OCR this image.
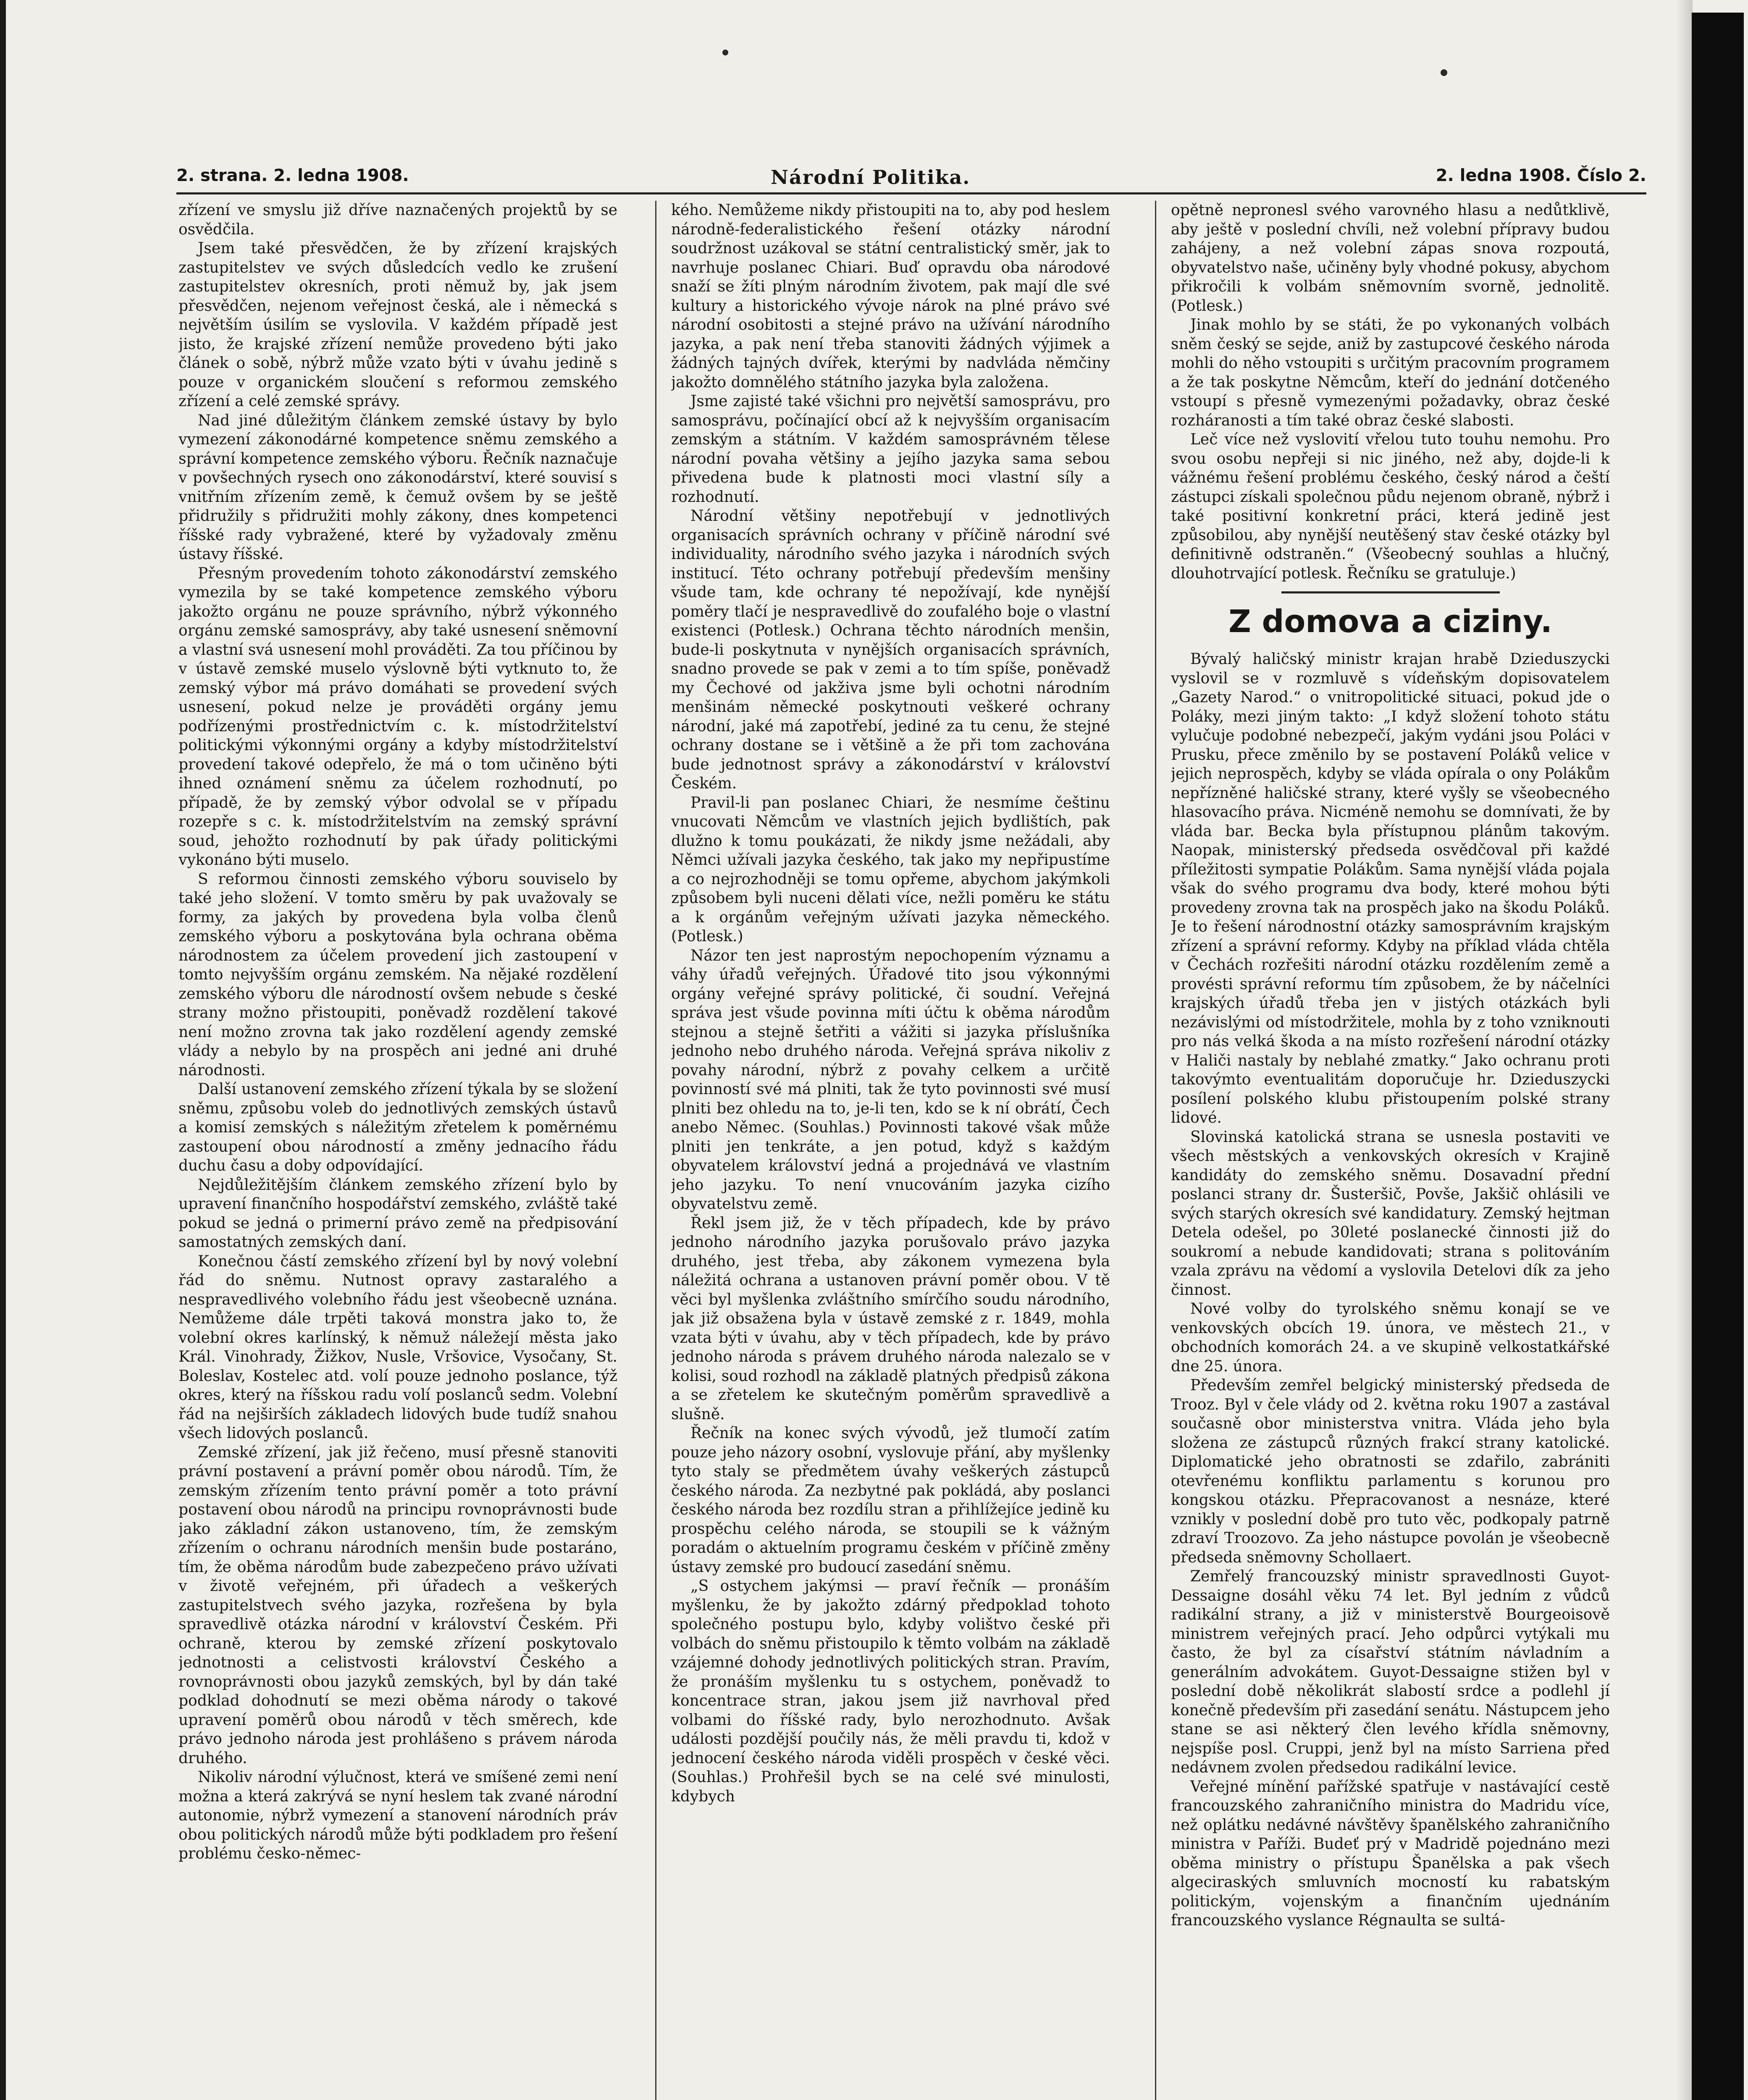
2. strana. 2. ledna 1908.	Národní Politika.	2. ledna 1908. Číslo 2.

zřízení ve smyslu již dříve naznačených projektů by se osvědčila.

Jsem také přesvědčen, že by zřízení krajských zastupitelstev ve svých důsledcích vedlo ke zrušení zastupitelstev okresních, proti němuž by, jak jsem přesvědčen, nejenom veřejnost česká, ale i německá s největším úsilím se vyslovila. V každém případě jest jisto, že krajské zřízení nemůže provedeno býti jako článek o sobě, nýbrž může vzato býti v úvahu jedině s pouze v organickém sloučení s reformou zemského zřízení a celé zemské správy.

Nad jiné důležitým článkem zemské ústavy by bylo vymezení zákonodárné kompetence sněmu zemského a správní kompetence zemského výboru. Řečník naznačuje v povšechných rysech ono zákonodárství, které souvisí s vnitřním zřízením země, k čemuž ovšem by se ještě přidružily s přidružiti mohly zákony, dnes kompetenci říšské rady vybražené, které by vyžadovaly změnu ústavy říšské.

Přesným provedením tohoto zákonodárství zemského vymezila by se také kompetence zemského výboru jakožto orgánu ne pouze správního, nýbrž výkonného orgánu zemské samosprávy, aby také usnesení sněmovní a vlastní svá usnesení mohl prováděti. Za tou příčinou by v ústavě zemské muselo výslovně býti vytknuto to, že zemský výbor má právo domáhati se provedení svých usnesení, pokud nelze je prováděti orgány jemu podřízenými prostřednictvím c. k. místodržitelství politickými výkonnými orgány a kdyby místodržitelství provedení takové odepřelo, že má o tom učiněno býti ihned oznámení sněmu za účelem rozhodnutí, po případě, že by zemský výbor odvolal se v případu rozepře s c. k. místodržitelstvím na zemský správní soud, jehožto rozhodnutí by pak úřady politickými vykonáno býti muselo.

S reformou činnosti zemského výboru souviselo by také jeho složení. V tomto směru by pak uvažovaly se formy, za jakých by provedena byla volba členů zemského výboru a poskytována byla ochrana oběma národnostem za účelem provedení jich zastoupení v tomto nejvyšším orgánu zemském. Na nějaké rozdělení zemského výboru dle národností ovšem nebude s české strany možno přistoupiti, poněvadž rozdělení takové není možno zrovna tak jako rozdělení agendy zemské vlády a nebylo by na prospěch ani jedné ani druhé národnosti.

Další ustanovení zemského zřízení týkala by se složení sněmu, způsobu voleb do jednotlivých zemských ústavů a komisí zemských s náležitým zřetelem k poměrnému zastoupení obou národností a změny jednacího řádu duchu času a doby odpovídající.

Nejdůležitějším článkem zemského zřízení bylo by upravení finančního hospodářství zemského, zvláště také pokud se jedná o primerní právo země na předpisování samostatných zemských daní.

Konečnou částí zemského zřízení byl by nový volební řád do sněmu. Nutnost opravy zastaralého a nespravedlivého volebního řádu jest všeobecně uznána. Nemůžeme dále trpěti taková monstra jako to, že volební okres karlínský, k němuž náležejí města jako Král. Vinohrady, Žižkov, Nusle, Vršovice, Vysočany, St. Boleslav, Kostelec atd. volí pouze jednoho poslance, týž okres, který na říšskou radu volí poslanců sedm. Volební řád na nejširších základech lidových bude tudíž snahou všech lidových poslanců.

Zemské zřízení, jak již řečeno, musí přesně stanoviti právní postavení a právní poměr obou národů. Tím, že zemským zřízením tento právní poměr a toto právní postavení obou národů na principu rovnoprávnosti bude jako základní zákon ustanoveno, tím, že zemským zřízením o ochranu národních menšin bude postaráno, tím, že oběma národům bude zabezpečeno právo užívati v životě veřejném, při úřadech a veškerých zastupitelstvech svého jazyka, rozřešena by byla spravedlivě otázka národní v království Českém. Při ochraně, kterou by zemské zřízení poskytovalo jednotnosti a celistvosti království Českého a rovnoprávnosti obou jazyků zemských, byl by dán také podklad dohodnutí se mezi oběma národy o takové upravení poměrů obou národů v těch směrech, kde právo jednoho národa jest prohlášeno s právem národa druhého.

Nikoliv národní výlučnost, která ve smíšené zemi není možna a která zakrývá se nyní heslem tak zvané národní autonomie, nýbrž vymezení a stanovení národních práv obou politických národů může býti podkladem pro řešení problému česko-němec-

kého. Nemůžeme nikdy přistoupiti na to, aby pod heslem národně-federalistického řešení otázky národní soudržnost uzákoval se státní centralistický směr, jak to navrhuje poslanec Chiari. Buď opravdu oba národové snaží se žíti plným národním životem, pak mají dle své kultury a historického vývoje nárok na plné právo své národní osobitosti a stejné právo na užívání národního jazyka, a pak není třeba stanoviti žádných výjimek a žádných tajných dvířek, kterými by nadvláda němčiny jakožto domnělého státního jazyka byla založena.

Jsme zajisté také všichni pro největší samosprávu, pro samosprávu, počínající obcí až k nejvyšším organisacím zemským a státním. V každém samosprávném tělese národní povaha většiny a jejího jazyka sama sebou přivedena bude k platnosti moci vlastní síly a rozhodnutí.

Národní většiny nepotřebují v jednotlivých organisacích správních ochrany v příčině národní své individuality, národního svého jazyka i národních svých institucí. Této ochrany potřebují především menšiny všude tam, kde ochrany té nepožívají, kde nynější poměry tlačí je nespravedlivě do zoufalého boje o vlastní existenci (Potlesk.) Ochrana těchto národních menšin, bude-li poskytnuta v nynějších organisacích správních, snadno provede se pak v zemi a to tím spíše, poněvadž my Čechové od jakživa jsme byli ochotni národním menšinám německé poskytnouti veškeré ochrany národní, jaké má zapotřebí, jediné za tu cenu, že stejné ochrany dostane se i většině a že při tom zachována bude jednotnost správy a zákonodárství v království Českém.

Pravil-li pan poslanec Chiari, že nesmíme češtinu vnucovati Němcům ve vlastních jejich bydlištích, pak dlužno k tomu poukázati, že nikdy jsme nežádali, aby Němci užívali jazyka českého, tak jako my nepřipustíme a co nejrozhodněji se tomu opřeme, abychom jakýmkoli způsobem byli nuceni dělati více, nežli poměru ke státu a k orgánům veřejným užívati jazyka německého. (Potlesk.)

Názor ten jest naprostým nepochopením významu a váhy úřadů veřejných. Úřadové tito jsou výkonnými orgány veřejné správy politické, či soudní. Veřejná správa jest všude povinna míti účtu k oběma národům stejnou a stejně šetřiti a vážiti si jazyka příslušníka jednoho nebo druhého národa. Veřejná správa nikoliv z povahy národní, nýbrž z povahy celkem a určitě povinností své má plniti, tak že tyto povinnosti své musí plniti bez ohledu na to, je-li ten, kdo se k ní obrátí, Čech anebo Němec. (Souhlas.) Povinnosti takové však může plniti jen tenkráte, a jen potud, když s každým obyvatelem království jedná a projednává ve vlastním jeho jazyku. To není vnucováním jazyka cizího obyvatelstvu země.

Řekl jsem již, že v těch případech, kde by právo jednoho národního jazyka porušovalo právo jazyka druhého, jest třeba, aby zákonem vymezena byla náležitá ochrana a ustanoven právní poměr obou. V tě věci byl myšlenka zvláštního smírčího soudu národního, jak již obsažena byla v ústavě zemské z r. 1849, mohla vzata býti v úvahu, aby v těch případech, kde by právo jednoho národa s právem druhého národa nalezalo se v kolisi, soud rozhodl na základě platných předpisů zákona a se zřetelem ke skutečným poměrům spravedlivě a slušně.

Řečník na konec svých vývodů, jež tlumočí zatím pouze jeho názory osobní, vyslovuje přání, aby myšlenky tyto staly se předmětem úvahy veškerých zástupců českého národa. Za nezbytné pak pokládá, aby poslanci českého národa bez rozdílu stran a přihlížejíce jedině ku prospěchu celého národa, se stoupili se k vážným poradám o aktuelním programu českém v příčině změny ústavy zemské pro budoucí zasedání sněmu.

„S ostychem jakýmsi — praví řečník — pronáším myšlenku, že by jakožto zdárný předpoklad tohoto společného postupu bylo, kdyby volištvo české při volbách do sněmu přistoupilo k těmto volbám na základě vzájemné dohody jednotlivých politických stran. Pravím, že pronáším myšlenku tu s ostychem, poněvadž to koncentrace stran, jakou jsem již navrhoval před volbami do říšské rady, bylo nerozhodnuto. Avšak události pozdější poučily nás, že měli pravdu ti, kdož v jednocení českého národa viděli prospěch v české věci. (Souhlas.) Prohřešil bych se na celé své minulosti, kdybych

opětně nepronesl svého varovného hlasu a nedůtklivě, aby ještě v poslední chvíli, než volební přípravy budou zahájeny, a než volební zápas snova rozpoutá, obyvatelstvo naše, učiněny byly vhodné pokusy, abychom přikročili k volbám sněmovním svorně, jednolitě. (Potlesk.)

Jinak mohlo by se státi, že po vykonaných volbách sněm český se sejde, aniž by zastupcové českého národa mohli do něho vstoupiti s určitým pracovním programem a že tak poskytne Němcům, kteří do jednání dotčeného vstoupí s přesně vymezenými požadavky, obraz české rozháranosti a tím také obraz české slabosti.

Leč více než vyslovití vřelou tuto touhu nemohu. Pro svou osobu nepřeji si nic jiného, než aby, dojde-li k vážnému řešení problému českého, český národ a čeští zástupci získali společnou půdu nejenom obraně, nýbrž i také positivní konkretní práci, která jedině jest způsobilou, aby nynější neutěšený stav české otázky byl definitivně odstraněn.“ (Všeobecný souhlas a hlučný, dlouhotrvající potlesk. Řečníku se gratuluje.)

Z domova a ciziny.

Bývalý haličský ministr krajan hrabě Dzieduszycki vyslovil se v rozmluvě s vídeňským dopisovatelem „Gazety Narod.“ o vnitropolitické situaci, pokud jde o Poláky, mezi jiným takto: „I když složení tohoto státu vylučuje podobné nebezpečí, jakým vydáni jsou Poláci v Prusku, přece změnilo by se postavení Poláků velice v jejich neprospěch, kdyby se vláda opírala o ony Polákům nepřízněné haličské strany, které vyšly se všeobecného hlasovacího práva. Nicméně nemohu se domnívati, že by vláda bar. Becka byla přístupnou plánům takovým. Naopak, ministerský předseda osvědčoval při každé příležitosti sympatie Polákům. Sama nynější vláda pojala však do svého programu dva body, které mohou býti provedeny zrovna tak na prospěch jako na škodu Poláků. Je to řešení národnostní otázky samosprávním krajským zřízení a správní reformy. Kdyby na příklad vláda chtěla v Čechách rozřešiti národní otázku rozdělením země a provésti správní reformu tím způsobem, že by náčelníci krajských úřadů třeba jen v jistých otázkách byli nezávislými od místodržitele, mohla by z toho vzniknouti pro nás velká škoda a na místo rozřešení národní otázky v Haliči nastaly by neblahé zmatky.“ Jako ochranu proti takovýmto eventualitám doporučuje hr. Dzieduszycki posílení polského klubu přistoupením polské strany lidové.

Slovinská katolická strana se usnesla postaviti ve všech městských a venkovských okresích v Krajině kandidáty do zemského sněmu. Dosavadní přední poslanci strany dr. Šusteršič, Povše, Jakšič ohlásili ve svých starých okresích své kandidatury. Zemský hejtman Detela odešel, po 30leté poslanecké činnosti již do soukromí a nebude kandidovati; strana s politováním vzala zprávu na vědomí a vyslovila Detelovi dík za jeho činnost.

Nové volby do tyrolského sněmu konají se ve venkovských obcích 19. února, ve městech 21., v obchodních komorách 24. a ve skupině velkostatkářské dne 25. února.

Především zemřel belgický ministerský předseda de Trooz. Byl v čele vlády od 2. května roku 1907 a zastával současně obor ministerstva vnitra. Vláda jeho byla složena ze zástupců různých frakcí strany katolické. Diplomatické jeho obratnosti se zdařilo, zabrániti otevřenému konfliktu parlamentu s korunou pro kongskou otázku. Přepracovanost a nesnáze, které vznikly v poslední době pro tuto věc, podkopaly patrně zdraví Troozovo. Za jeho nástupce povolán je všeobecně předseda sněmovny Schollaert.

Zemřelý francouzský ministr spravedlnosti Guyot-Dessaigne dosáhl věku 74 let. Byl jedním z vůdců radikální strany, a již v ministerstvě Bourgeoisově ministrem veřejných prací. Jeho odpůrci vytýkali mu často, že byl za císařství státním návladním a generálním advokátem. Guyot-Dessaigne stižen byl v poslední době několikrát slabostí srdce a podlehl jí konečně především při zasedání senátu. Nástupcem jeho stane se asi některý člen levého křídla sněmovny, nejspíše posl. Cruppi, jenž byl na místo Sarriena před nedávnem zvolen předsedou radikální levice.

Veřejné mínění pařížské spatřuje v nastávající cestě francouzského zahraničního ministra do Madridu více, než oplátku nedávné návštěvy španělského zahraničního ministra v Paříži. Budeť prý v Madridě pojednáno mezi oběma ministry o přístupu Španělska a pak všech algeciraských smluvních mocností ku rabatským politickým, vojenským a finančním ujednáním francouzského vyslance Régnaulta se sultá-
